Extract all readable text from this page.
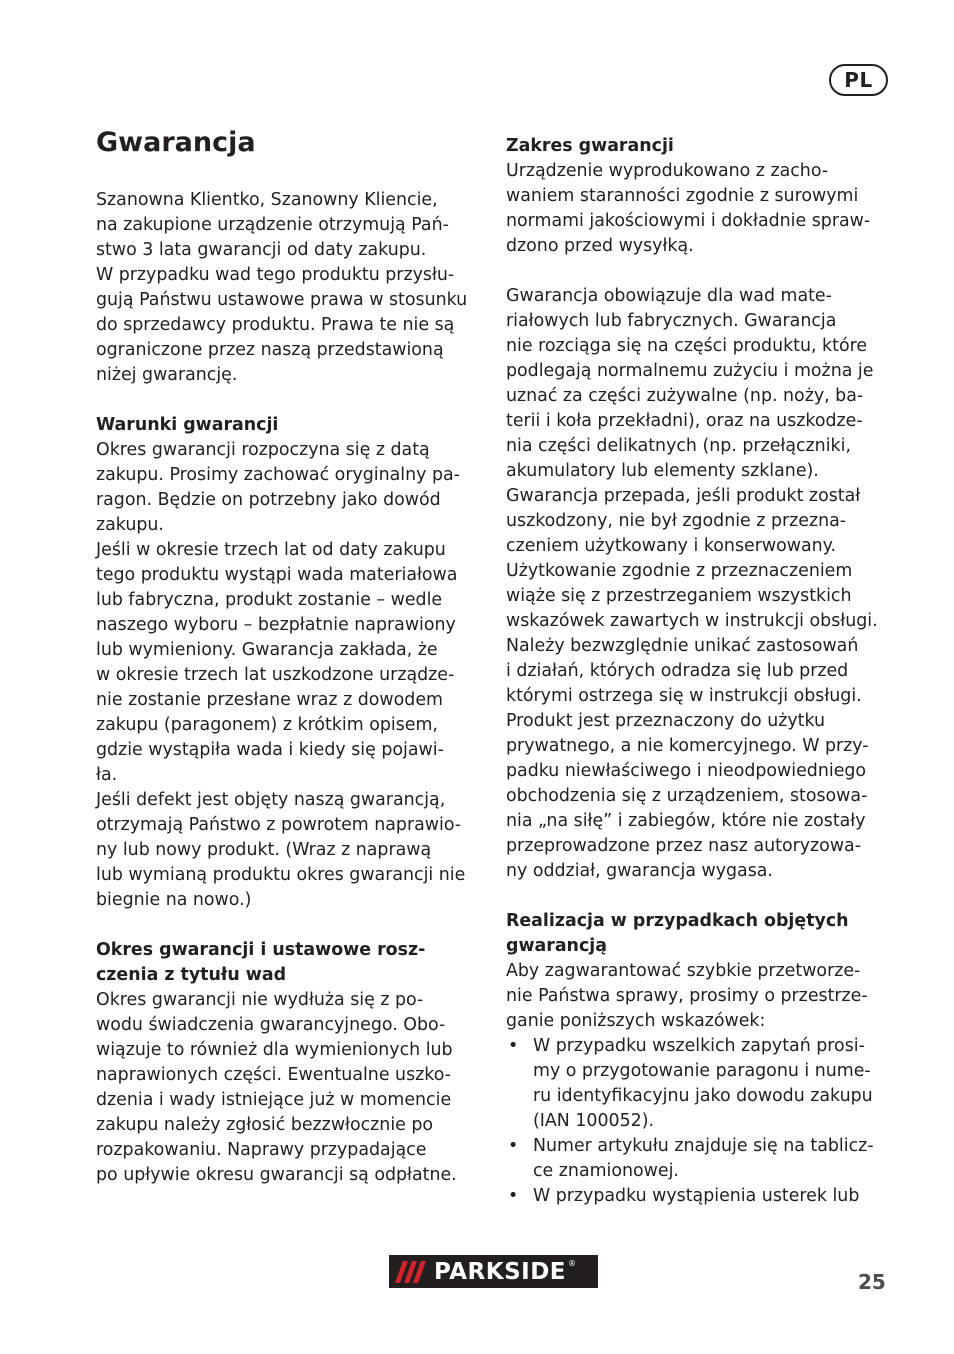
PL
Gwarancja

Szanowna Klientko, Szanowny Kliencie,
na zakupione urządzenie otrzymują Pań-
stwo 3 lata gwarancji od daty zakupu.
W przypadku wad tego produktu przysłu-
gują Państwu ustawowe prawa w stosunku
do sprzedawcy produktu. Prawa te nie są
ograniczone przez naszą przedstawioną
niżej gwarancję.

Warunki gwarancji

Okres gwarancji rozpoczyna się z datą
zakupu. Prosimy zachować oryginalny pa-
ragon. Będzie on potrzebny jako dowód
zakupu.
Jeśli w okresie trzech lat od daty zakupu
tego produktu wystąpi wada materiałowa
lub fabryczna, produkt zostanie – wedle
naszego wyboru – bezpłatnie naprawiony
lub wymieniony. Gwarancja zakłada, że
w okresie trzech lat uszkodzone urządze-
nie zostanie przesłane wraz z dowodem
zakupu (paragonem) z krótkim opisem,
gdzie wystąpiła wada i kiedy się pojawi-
ła.
Jeśli defekt jest objęty naszą gwarancją,
otrzymają Państwo z powrotem naprawio-
ny lub nowy produkt. (Wraz z naprawą
lub wymianą produktu okres gwarancji nie
biegnie na nowo.)

Okres gwarancji i ustawowe rosz-
czenia z tytułu wad

Okres gwarancji nie wydłuża się z po-
wodu świadczenia gwarancyjnego. Obo-
wiązuje to również dla wymienionych lub
naprawionych części. Ewentualne uszko-
dzenia i wady istniejące już w momencie
zakupu należy zgłosić bezzwłocznie po
rozpakowaniu. Naprawy przypadające
po upływie okresu gwarancji są odpłatne.

Zakres gwarancji

Urządzenie wyprodukowano z zacho-
waniem staranności zgodnie z surowymi
normami jakościowymi i dokładnie spraw-
dzono przed wysyłką.

Gwarancja obowiązuje dla wad mate-
riałowych lub fabrycznych. Gwarancja
nie rozciąga się na części produktu, które
podlegają normalnemu zużyciu i można je
uznać za części zużywalne (np. noży, ba-
terii i koła przekładni), oraz na uszkodze-
nia części delikatnych (np. przełączniki,
akumulatory lub elementy szklane).
Gwarancja przepada, jeśli produkt został
uszkodzony, nie był zgodnie z przezna-
czeniem użytkowany i konserwowany.
Użytkowanie zgodnie z przeznaczeniem
wiąże się z przestrzeganiem wszystkich
wskazówek zawartych w instrukcji obsługi.
Należy bezwzględnie unikać zastosowań
i działań, których odradza się lub przed
którymi ostrzega się w instrukcji obsługi.
Produkt jest przeznaczony do użytku
prywatnego, a nie komercyjnego. W przy-
padku niewłaściwego i nieodpowiedniego
obchodzenia się z urządzeniem, stosowa-
nia „na siłę” i zabiegów, które nie zostały
przeprowadzone przez nasz autoryzowa-
ny oddział, gwarancja wygasa.

Realizacja w przypadkach objętych
gwarancją

Aby zagwarantować szybkie przetworze-
nie Państwa sprawy, prosimy o przestrze-
ganie poniższych wskazówek:

• W przypadku wszelkich zapytań prosi-
my o przygotowanie paragonu i nume-
ru identyfikacyjnu jako dowodu zakupu
(IAN 100052).
• Numer artykułu znajduje się na tablicz-
ce znamionowej.
• W przypadku wystąpienia usterek lub
PARKSIDE ®
25
